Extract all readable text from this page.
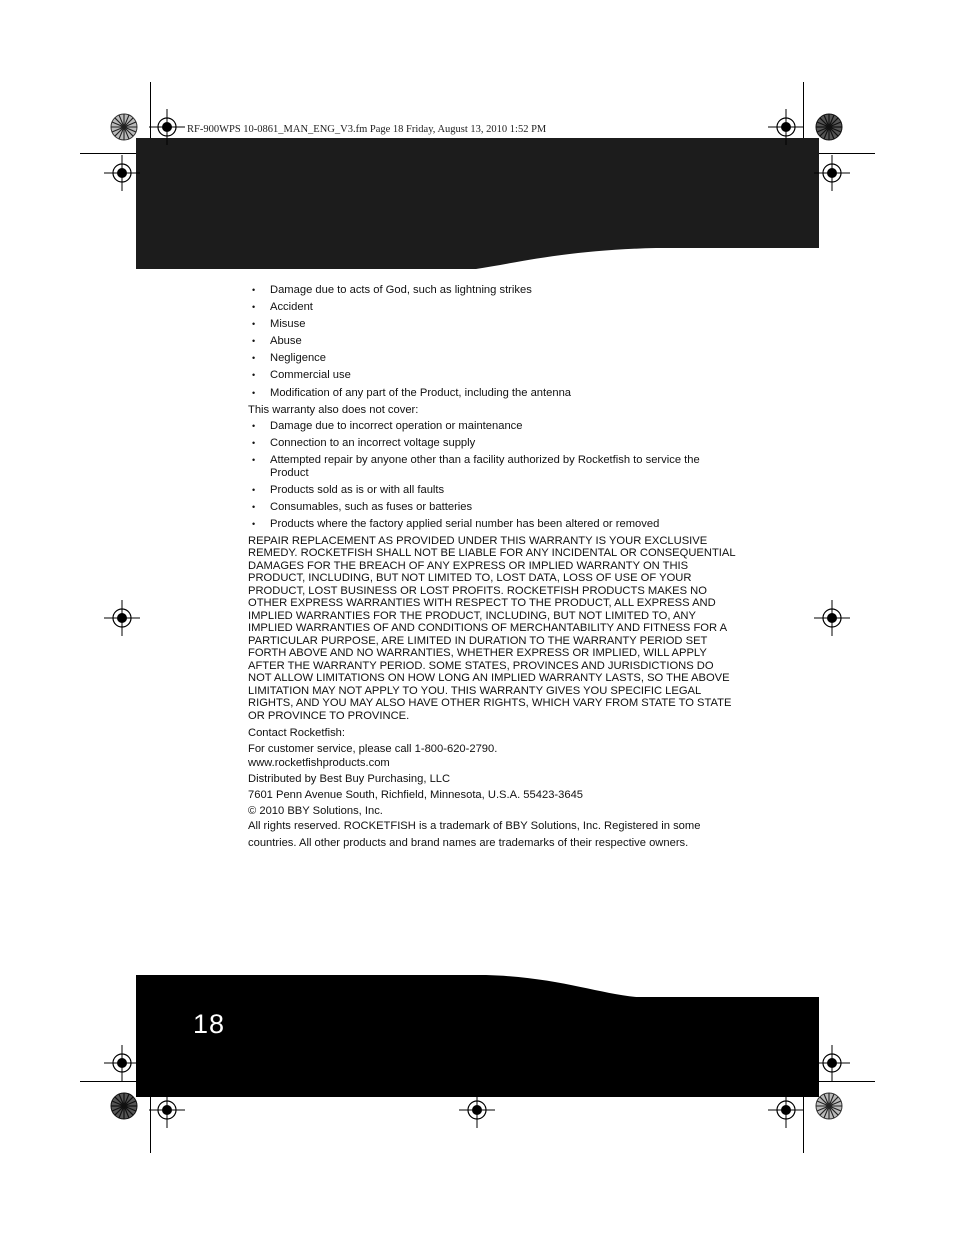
RF-900WPS 10-0861_MAN_ENG_V3.fm Page 18 Friday, August 13, 2010 1:52 PM
18
• Damage due to acts of God, such as lightning strikes
• Accident
• Misuse
• Abuse
• Negligence
• Commercial use
• Modification of any part of the Product, including the antenna

This warranty also does not cover:

• Damage due to incorrect operation or maintenance
• Connection to an incorrect voltage supply
• Attempted repair by anyone other than a facility authorized by Rocketfish to service the Product
• Products sold as is or with all faults
• Consumables, such as fuses or batteries
• Products where the factory applied serial number has been altered or removed

REPAIR REPLACEMENT AS PROVIDED UNDER THIS WARRANTY IS YOUR EXCLUSIVE REMEDY. ROCKETFISH SHALL NOT BE LIABLE FOR ANY INCIDENTAL OR CONSEQUENTIAL DAMAGES FOR THE BREACH OF ANY EXPRESS OR IMPLIED WARRANTY ON THIS PRODUCT, INCLUDING, BUT NOT LIMITED TO, LOST DATA, LOSS OF USE OF YOUR PRODUCT, LOST BUSINESS OR LOST PROFITS. ROCKETFISH PRODUCTS MAKES NO OTHER EXPRESS WARRANTIES WITH RESPECT TO THE PRODUCT, ALL EXPRESS AND IMPLIED WARRANTIES FOR THE PRODUCT, INCLUDING, BUT NOT LIMITED TO, ANY IMPLIED WARRANTIES OF AND CONDITIONS OF MERCHANTABILITY AND FITNESS FOR A PARTICULAR PURPOSE, ARE LIMITED IN DURATION TO THE WARRANTY PERIOD SET FORTH ABOVE AND NO WARRANTIES, WHETHER EXPRESS OR IMPLIED, WILL APPLY AFTER THE WARRANTY PERIOD. SOME STATES, PROVINCES AND JURISDICTIONS DO NOT ALLOW LIMITATIONS ON HOW LONG AN IMPLIED WARRANTY LASTS, SO THE ABOVE LIMITATION MAY NOT APPLY TO YOU. THIS WARRANTY GIVES YOU SPECIFIC LEGAL RIGHTS, AND YOU MAY ALSO HAVE OTHER RIGHTS, WHICH VARY FROM STATE TO STATE OR PROVINCE TO PROVINCE.

Contact Rocketfish:

For customer service, please call 1-800-620-2790.

www.rocketfishproducts.com

Distributed by Best Buy Purchasing, LLC

7601 Penn Avenue South, Richfield, Minnesota, U.S.A. 55423-3645

© 2010 BBY Solutions, Inc.

All rights reserved. ROCKETFISH is a trademark of BBY Solutions, Inc. Registered in some

countries. All other products and brand names are trademarks of their respective owners.
